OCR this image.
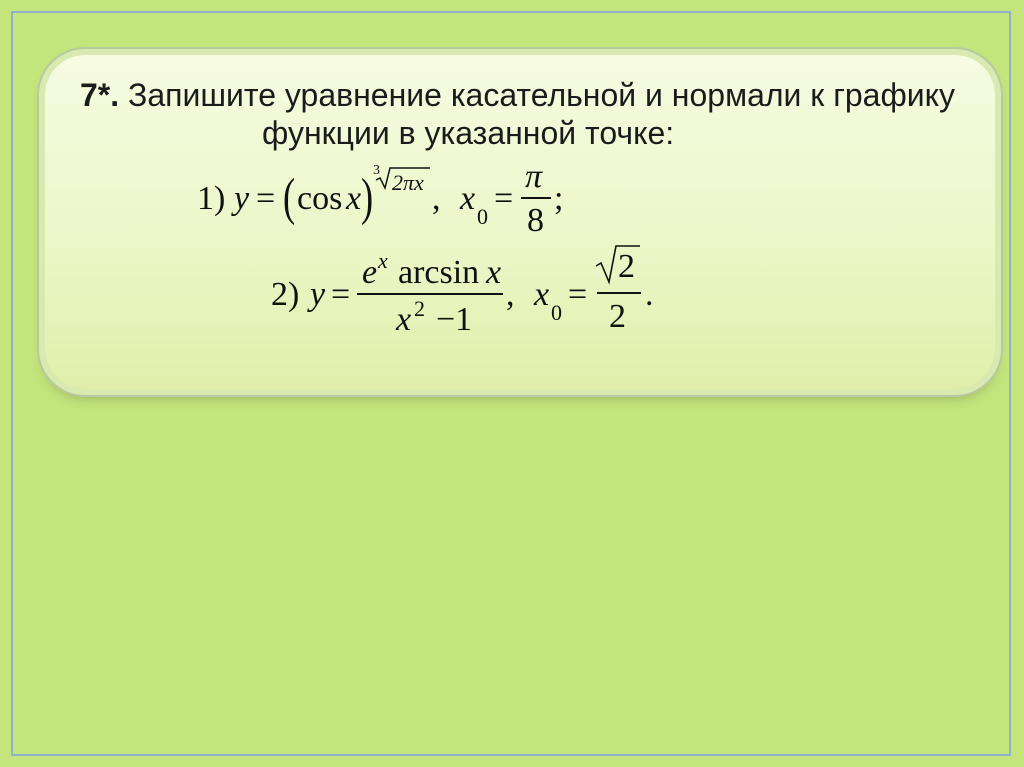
7*. Запишите уравнение касательной и нормали к графику
функции в указанной точке:
1) y = ( cos x ) 3 2πx , x 0 =
π
8
;
2) y =
e x arcsin x
x 2 −1
, x 0 =
2
2
.
